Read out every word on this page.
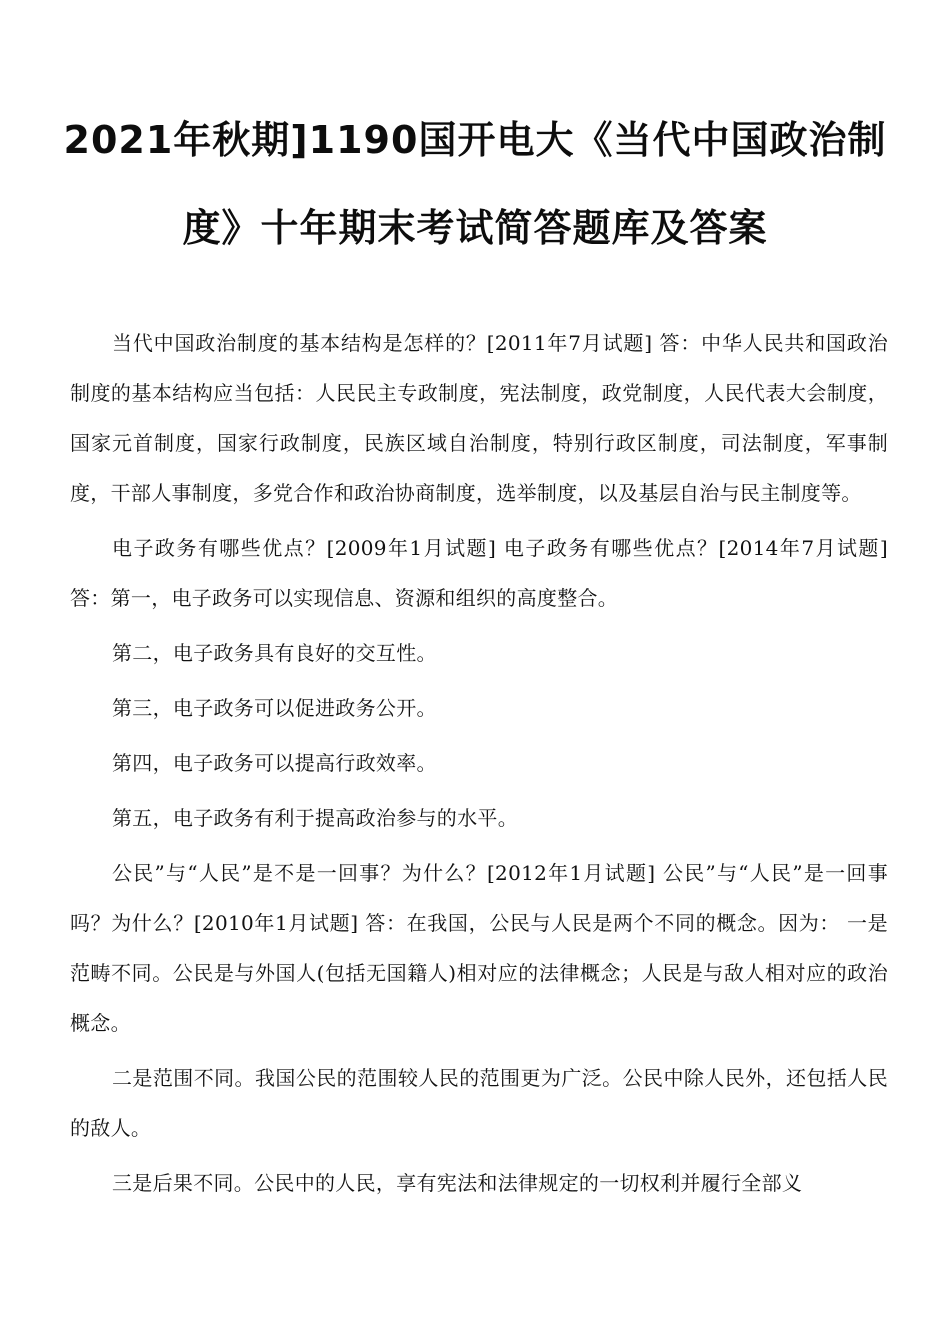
2021年秋期]1190国开电大《当代中国政治制
度》十年期末考试简答题库及答案

当代中国政治制度的基本结构是怎样的？[2011年7月试题] 答：中华人民共和国政治制度的基本结构应当包括：人民民主专政制度，宪法制度，政党制度，人民代表大会制度，国家元首制度，国家行政制度，民族区域自治制度，特别行政区制度，司法制度，军事制度，干部人事制度，多党合作和政治协商制度，选举制度，以及基层自治与民主制度等。

电子政务有哪些优点？[2009年1月试题] 电子政务有哪些优点？[2014年7月试题] 答：第一，电子政务可以实现信息、资源和组织的高度整合。

第二，电子政务具有良好的交互性。

第三，电子政务可以促进政务公开。

第四，电子政务可以提高行政效率。

第五，电子政务有利于提高政治参与的水平。

公民”与“人民”是不是一回事？为什么？[2012年1月试题] 公民”与“人民”是一回事吗？为什么？[2010年1月试题] 答：在我国，公民与人民是两个不同的概念。因为： 一是范畴不同。公民是与外国人(包括无国籍人)相对应的法律概念；人民是与敌人相对应的政治概念。

二是范围不同。我国公民的范围较人民的范围更为广泛。公民中除人民外，还包括人民的敌人。

三是后果不同。公民中的人民，享有宪法和法律规定的一切权利并履行全部义
